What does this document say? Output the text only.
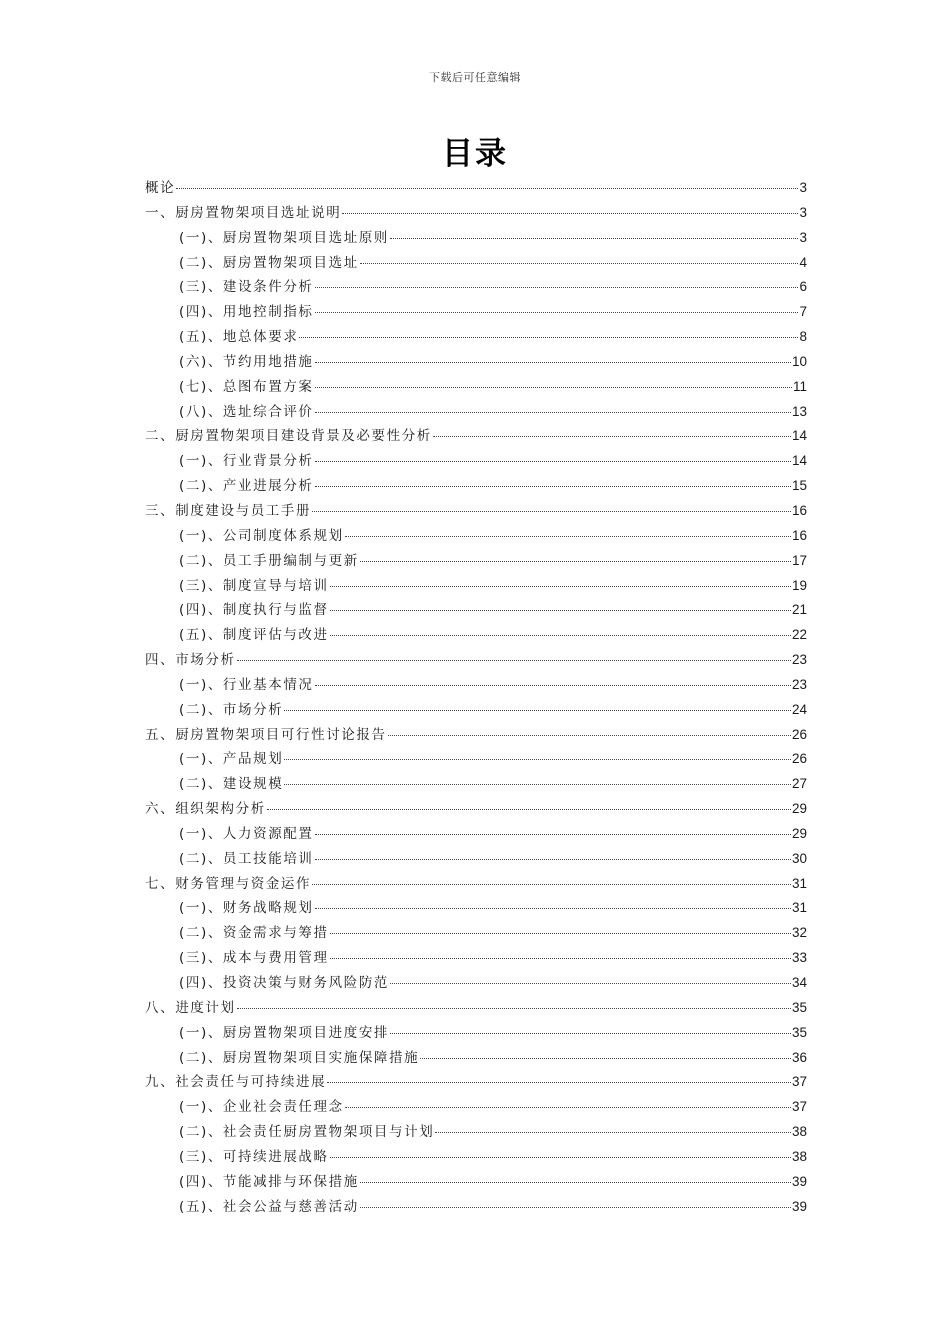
下载后可任意编辑
目录
概论	3
一、厨房置物架项目选址说明	3
(一)、厨房置物架项目选址原则	3
(二)、厨房置物架项目选址	4
(三)、建设条件分析	6
(四)、用地控制指标	7
(五)、地总体要求	8
(六)、节约用地措施	10
(七)、总图布置方案	11
(八)、选址综合评价	13
二、厨房置物架项目建设背景及必要性分析	14
(一)、行业背景分析	14
(二)、产业进展分析	15
三、制度建设与员工手册	16
(一)、公司制度体系规划	16
(二)、员工手册编制与更新	17
(三)、制度宣导与培训	19
(四)、制度执行与监督	21
(五)、制度评估与改进	22
四、市场分析	23
(一)、行业基本情况	23
(二)、市场分析	24
五、厨房置物架项目可行性讨论报告	26
(一)、产品规划	26
(二)、建设规模	27
六、组织架构分析	29
(一)、人力资源配置	29
(二)、员工技能培训	30
七、财务管理与资金运作	31
(一)、财务战略规划	31
(二)、资金需求与筹措	32
(三)、成本与费用管理	33
(四)、投资决策与财务风险防范	34
八、进度计划	35
(一)、厨房置物架项目进度安排	35
(二)、厨房置物架项目实施保障措施	36
九、社会责任与可持续进展	37
(一)、企业社会责任理念	37
(二)、社会责任厨房置物架项目与计划	38
(三)、可持续进展战略	38
(四)、节能减排与环保措施	39
(五)、社会公益与慈善活动	39
